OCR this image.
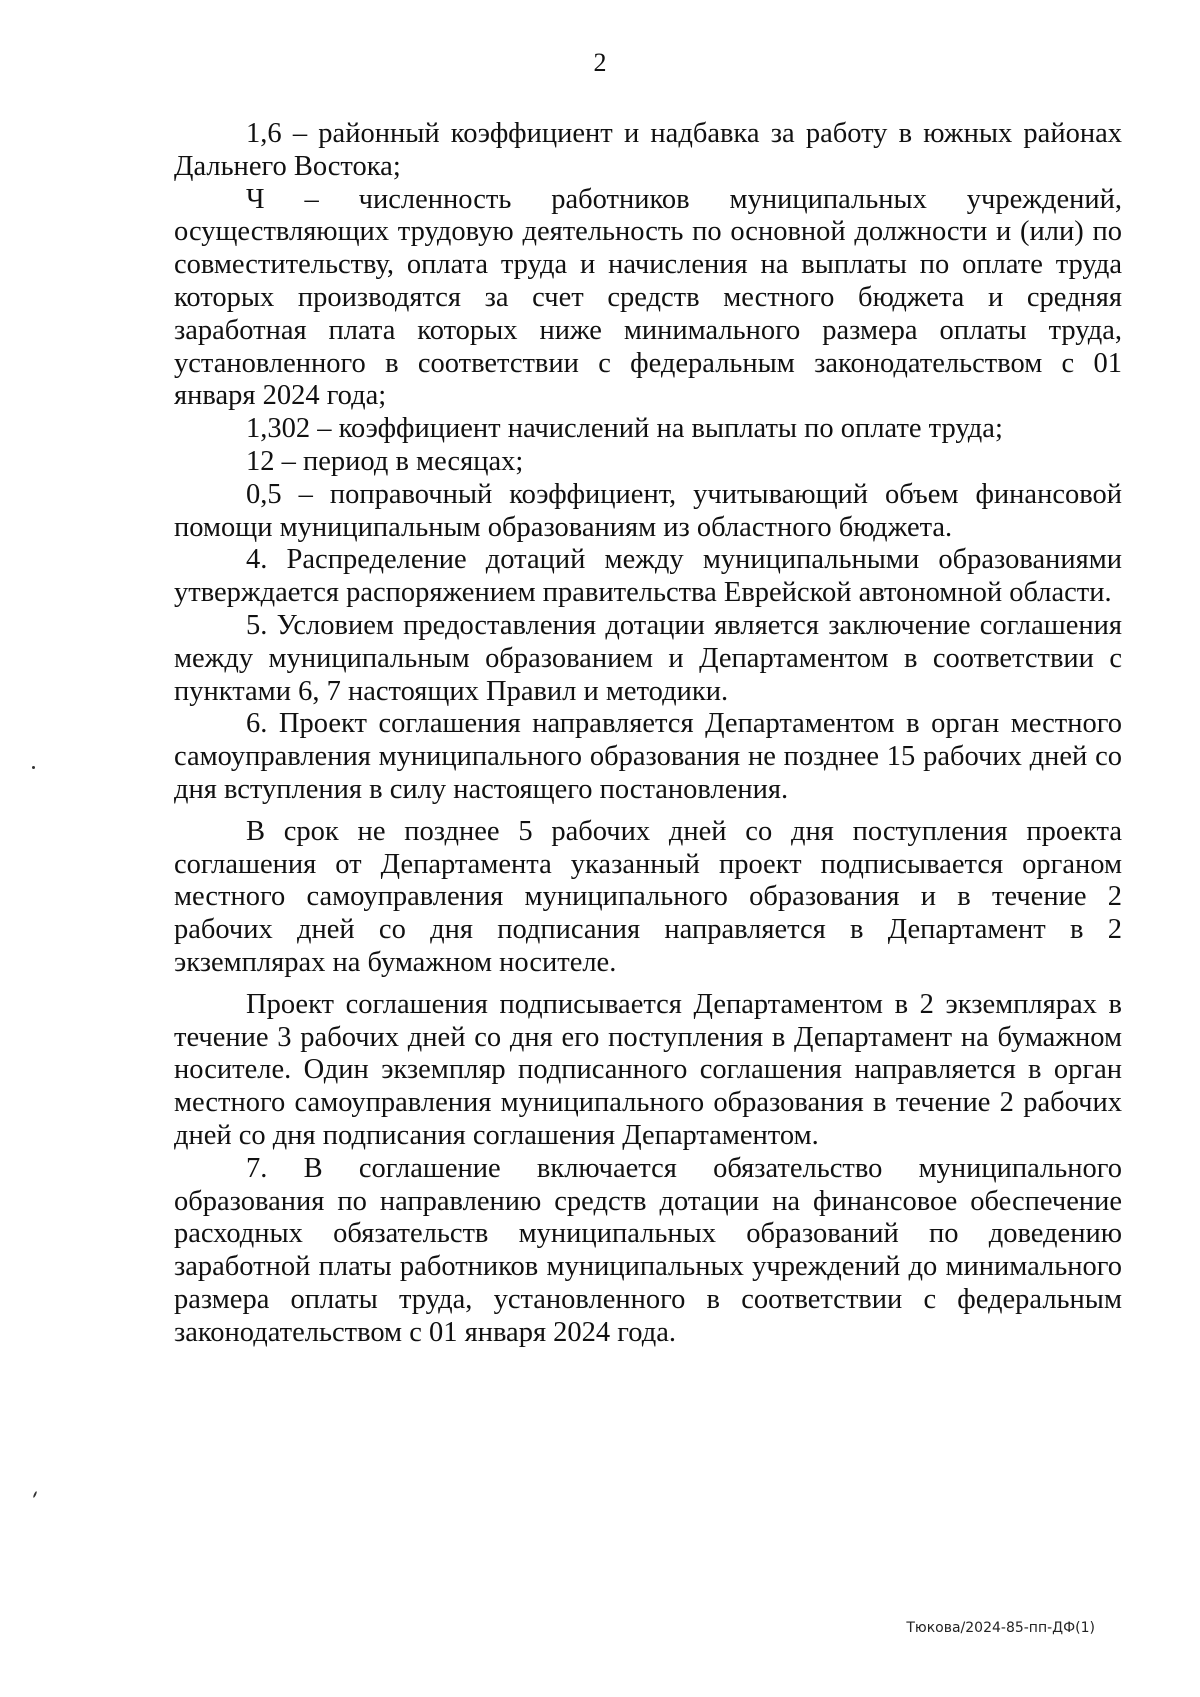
2

1,6 – районный коэффициент и надбавка за работу в южных районах Дальнего Востока;

Ч – численность работников муниципальных учреждений, осуществляющих трудовую деятельность по основной должности и (или) по совместительству, оплата труда и начисления на выплаты по оплате труда которых производятся за счет средств местного бюджета и средняя заработная плата которых ниже минимального размера оплаты труда, установленного в соответствии с федеральным законодательством с 01 января 2024 года;

1,302 – коэффициент начислений на выплаты по оплате труда;

12 – период в месяцах;

0,5 – поправочный коэффициент, учитывающий объем финансовой помощи муниципальным образованиям из областного бюджета.

4. Распределение дотаций между муниципальными образованиями утверждается распоряжением правительства Еврейской автономной области.

5. Условием предоставления дотации является заключение соглашения между муниципальным образованием и Департаментом в соответствии с пунктами 6, 7 настоящих Правил и методики.

6. Проект соглашения направляется Департаментом в орган местного самоуправления муниципального образования не позднее 15 рабочих дней со дня вступления в силу настоящего постановления.

В срок не позднее 5 рабочих дней со дня поступления проекта соглашения от Департамента указанный проект подписывается органом местного самоуправления муниципального образования и в течение 2 рабочих дней со дня подписания направляется в Департамент в 2 экземплярах на бумажном носителе.

Проект соглашения подписывается Департаментом в 2 экземплярах в течение 3 рабочих дней со дня его поступления в Департамент на бумажном носителе. Один экземпляр подписанного соглашения направляется в орган местного самоуправления муниципального образования в течение 2 рабочих дней со дня подписания соглашения Департаментом.

7. В соглашение включается обязательство муниципального образования по направлению средств дотации на финансовое обеспечение расходных обязательств муниципальных образований по доведению заработной платы работников муниципальных учреждений до минимального размера оплаты труда, установленного в соответствии с федеральным законодательством с 01 января 2024 года.

Тюкова/2024-85-пп-ДФ(1)
